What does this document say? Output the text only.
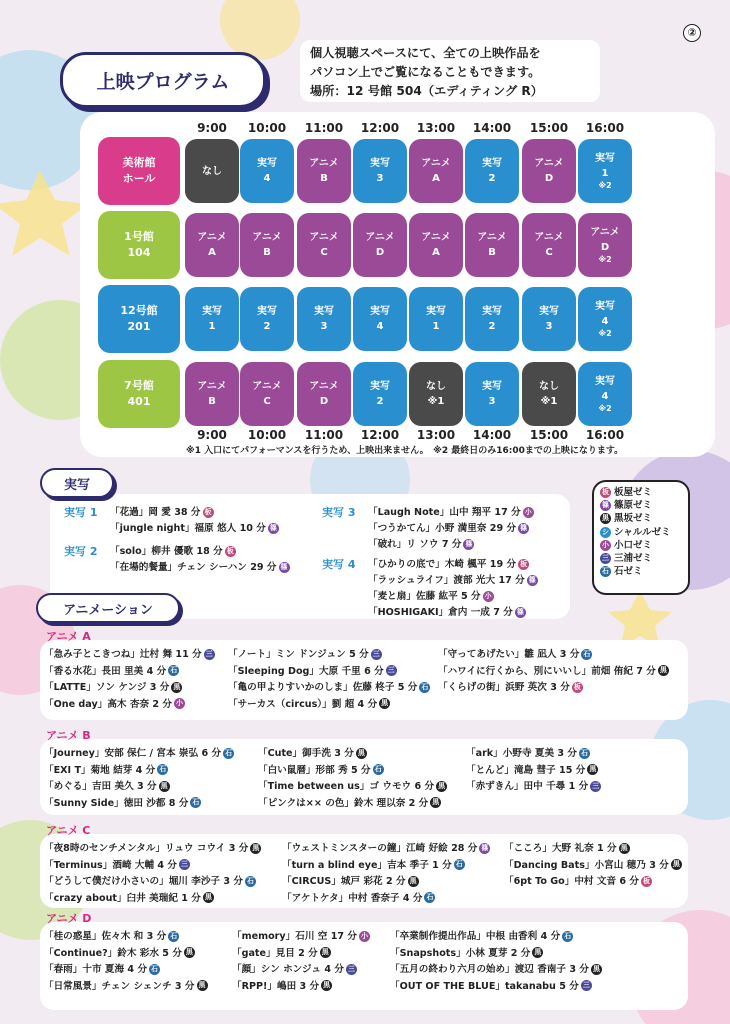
②
上映プログラム
個人視聴スペースにて、全ての上映作品を
パソコン上でご覧になることもできます。
場所：12 号館 504（エディティング R）
9:00
9:00
10:00
10:00
11:00
11:00
12:00
12:00
13:00
13:00
14:00
14:00
15:00
15:00
16:00
16:00
美術館
ホール
1号館
104
12号館
201
7号館
401
なし
実写
4
アニメ
B
実写
3
アニメ
A
実写
2
アニメ
D
実写
1
※2
アニメ
A
アニメ
B
アニメ
C
アニメ
D
アニメ
A
アニメ
B
アニメ
C
アニメ
D
※2
実写
1
実写
2
実写
3
実写
4
実写
1
実写
2
実写
3
実写
4
※2
アニメ
B
アニメ
C
アニメ
D
実写
2
なし
※1
実写
3
なし
※1
実写
4
※2
※1 入口にてパフォーマンスを行うため、上映出来ません。　※2 最終日のみ16:00までの上映になります。
実写
実写 1 「花過」岡 愛 38 分 板
「jungle night」福原 悠人 10 分 篠
実写 2 「solo」柳井 優歌 18 分 板
「在場的餐量」チェン シーハン 29 分 篠
実写 3 「Laugh Note」山中 翔平 17 分 小
「つうかてん」小野 満里奈 29 分 篠
「破れ」リ ソウ 7 分 篠
実写 4 「ひかりの底で」木崎 楓平 19 分 板
「ラッシュライフ」渡部 光大 17 分 篠
「麦と扇」佐藤 紘平 5 分 小
「HOSHIGAKI」倉内 一成 7 分 篠
板 板屋ゼミ
篠 篠原ゼミ
黒 黒坂ゼミ
シ シャルルゼミ
小 小口ゼミ
三 三浦ゼミ
石 石ゼミ
アニメーション
アニメ A
「急み子とこきつね」辻村 舞 11 分 三
「香る水花」長田 里美 4 分 石
「LATTE」ソン ケンジ 3 分 黒
「One day」高木 杏奈 2 分 小
「ノート」ミン ドンジュン 5 分 三
「Sleeping Dog」大原 千里 6 分 三
「亀の甲よりすいかのしま」佐藤 柊子 5 分 石
「サーカス（circus）」劉 超 4 分 黒
「守ってあげたい」雛 凪人 3 分 石
「ハワイに行くから、別にいいし」前畑 侑紀 7 分 黒
「くらげの街」浜野 英次 3 分 板
アニメ B
「Journey」安部 保仁 / 宮本 崇弘 6 分 石
「EXI T」菊地 結芽 4 分 石
「めぐる」吉田 美久 3 分 黒
「Sunny Side」徳田 沙都 8 分 石
「Cute」御手洗 3 分 黒
「白い鼠暦」形部 秀 5 分 石
「Time between us」ゴ ウモウ 6 分 黒
「ピンクは×× の色」鈴木 理以奈 2 分 黒
「ark」小野寺 夏美 3 分 石
「とんど」滝島 彗子 15 分 黒
「赤ずきん」田中 千尋 1 分 三
アニメ C
「夜8時のセンチメンタル」リュウ コウイ 3 分 黒
「Terminus」酒崎 大輔 4 分 三
「どうして僕だけ小さいの」堀川 李沙子 3 分 石
「crazy about」臼井 美瑞紀 1 分 黒
「ウェストミンスターの鐘」江崎 好絵 28 分 篠
「turn a blind eye」吉本 季子 1 分 石
「CIRCUS」城戸 彩花 2 分 黒
「アケトケタ」中村 香奈子 4 分 石
「こころ」大野 礼奈 1 分 黒
「Dancing Bats」小宮山 穂乃 3 分 黒
「6pt To Go」中村 文音 6 分 板
アニメ D
「桂の惑星」佐々木 和 3 分 石
「Continue?」鈴木 彩水 5 分 黒
「春雨」十市 夏海 4 分 石
「日常風景」チェン シェンチ 3 分 黒
「memory」石川 空 17 分 小
「gate」見目 2 分 黒
「顔」シン ホンジュ 4 分 三
「RPP!」嶋田 3 分 黒
「卒業制作提出作品」中根 由香利 4 分 石
「Snapshots」小林 夏芽 2 分 黒
「五月の終わり六月の始め」渡辺 香南子 3 分 黒
「OUT OF THE BLUE」takanabu 5 分 三
